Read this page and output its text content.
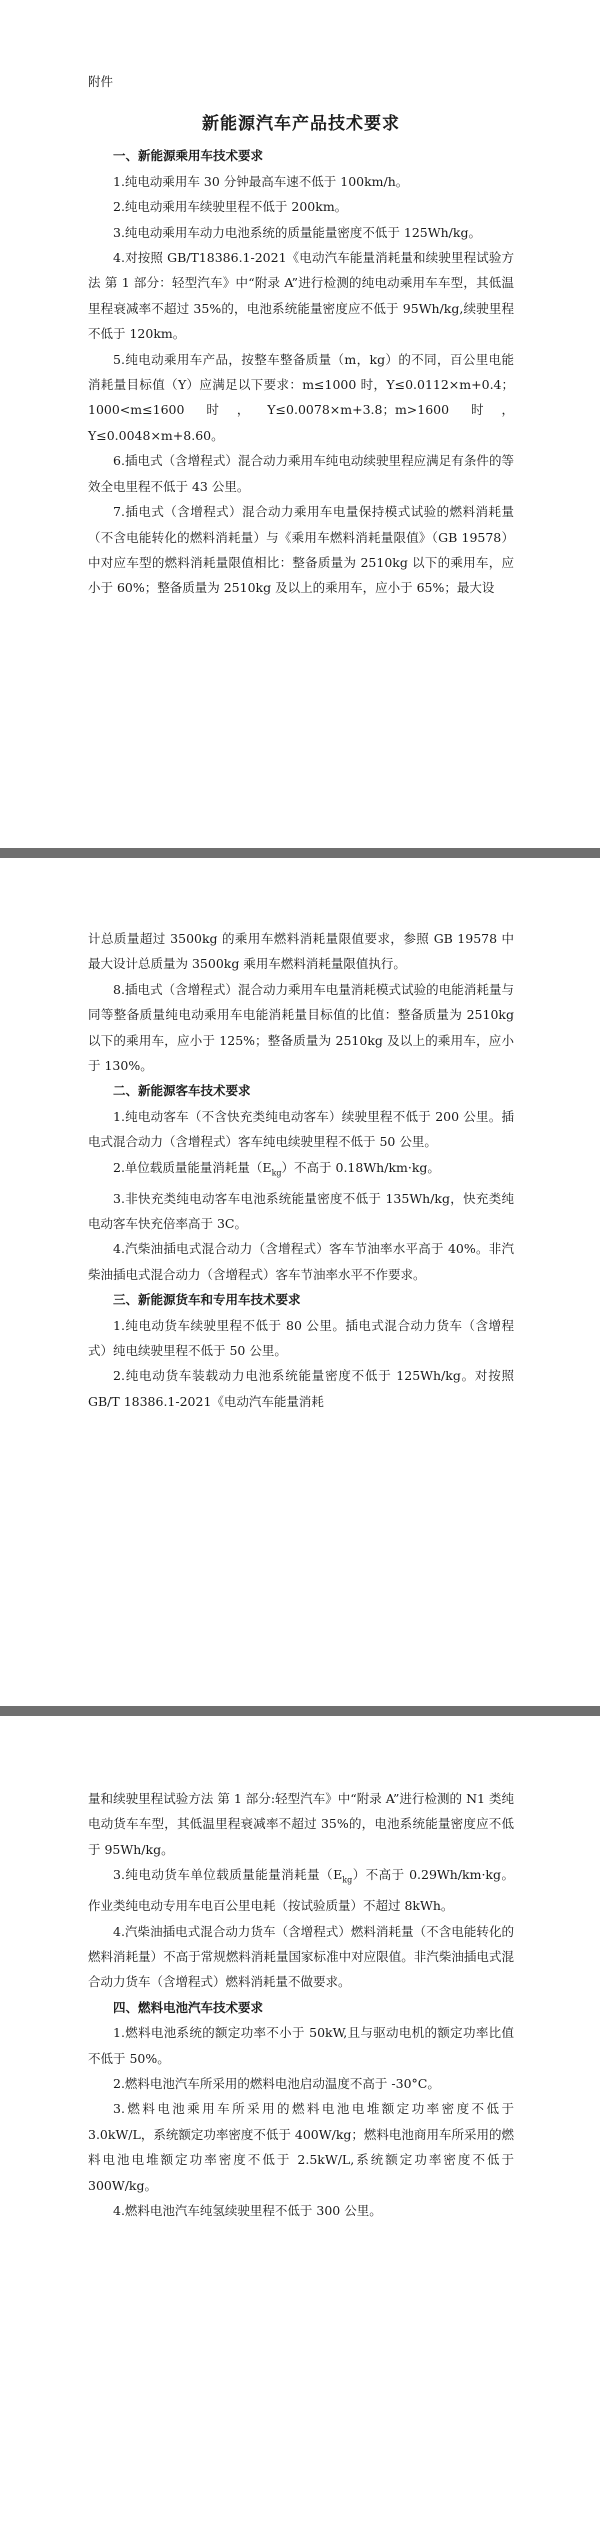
附件

新能源汽车产品技术要求

一、新能源乘用车技术要求

1.纯电动乘用车 30 分钟最高车速不低于 100km/h。

2.纯电动乘用车续驶里程不低于 200km。

3.纯电动乘用车动力电池系统的质量能量密度不低于 125Wh/kg。

4.对按照 GB/T18386.1-2021《电动汽车能量消耗量和续驶里程试验方法 第 1 部分：轻型汽车》中“附录 A”进行检测的纯电动乘用车车型，其低温里程衰减率不超过 35%的，电池系统能量密度应不低于 95Wh/kg,续驶里程不低于 120km。

5.纯电动乘用车产品，按整车整备质量（m，kg）的不同，百公里电能消耗量目标值（Y）应满足以下要求：m≤1000 时，Y≤0.0112×m+0.4；1000<m≤1600 时，Y≤0.0078×m+3.8；m>1600 时，Y≤0.0048×m+8.60。

6.插电式（含增程式）混合动力乘用车纯电动续驶里程应满足有条件的等效全电里程不低于 43 公里。

7.插电式（含增程式）混合动力乘用车电量保持模式试验的燃料消耗量（不含电能转化的燃料消耗量）与《乘用车燃料消耗量限值》（GB 19578）中对应车型的燃料消耗量限值相比：整备质量为 2510kg 以下的乘用车，应小于 60%；整备质量为 2510kg 及以上的乘用车，应小于 65%；最大设

计总质量超过 3500kg 的乘用车燃料消耗量限值要求，参照 GB 19578 中最大设计总质量为 3500kg 乘用车燃料消耗量限值执行。

8.插电式（含增程式）混合动力乘用车电量消耗模式试验的电能消耗量与同等整备质量纯电动乘用车电能消耗量目标值的比值：整备质量为 2510kg 以下的乘用车，应小于 125%；整备质量为 2510kg 及以上的乘用车，应小于 130%。

二、新能源客车技术要求

1.纯电动客车（不含快充类纯电动客车）续驶里程不低于 200 公里。插电式混合动力（含增程式）客车纯电续驶里程不低于 50 公里。

2.单位载质量能量消耗量$(E_{kg})$不高于 0.18Wh/km·kg。

3.非快充类纯电动客车电池系统能量密度不低于 135Wh/kg，快充类纯电动客车快充倍率高于 3C。

4.汽柴油插电式混合动力（含增程式）客车节油率水平高于 40%。非汽柴油插电式混合动力（含增程式）客车节油率水平不作要求。

三、新能源货车和专用车技术要求

1.纯电动货车续驶里程不低于 80 公里。插电式混合动力货车（含增程式）纯电续驶里程不低于 50 公里。

2.纯电动货车装载动力电池系统能量密度不低于 125Wh/kg。对按照 GB/T 18386.1-2021《电动汽车能量消耗

量和续驶里程试验方法 第 1 部分:轻型汽车》中“附录 A”进行检测的 N1 类纯电动货车车型，其低温里程衰减率不超过 35%的，电池系统能量密度应不低于 95Wh/kg。

3.纯电动货车单位载质量能量消耗量$(E_{kg})$不高于 0.29Wh/km·kg。作业类纯电动专用车电百公里电耗（按试验质量）不超过 8kWh。

4.汽柴油插电式混合动力货车（含增程式）燃料消耗量（不含电能转化的燃料消耗量）不高于常规燃料消耗量国家标准中对应限值。非汽柴油插电式混合动力货车（含增程式）燃料消耗量不做要求。

四、燃料电池汽车技术要求

1.燃料电池系统的额定功率不小于 50kW,且与驱动电机的额定功率比值不低于 50%。

2.燃料电池汽车所采用的燃料电池启动温度不高于 -30°C。

3.燃料电池乘用车所采用的燃料电池电堆额定功率密度不低于 3.0kW/L，系统额定功率密度不低于 400W/kg；燃料电池商用车所采用的燃料电池电堆额定功率密度不低于 2.5kW/L,系统额定功率密度不低于 300W/kg。

4.燃料电池汽车纯氢续驶里程不低于 300 公里。
